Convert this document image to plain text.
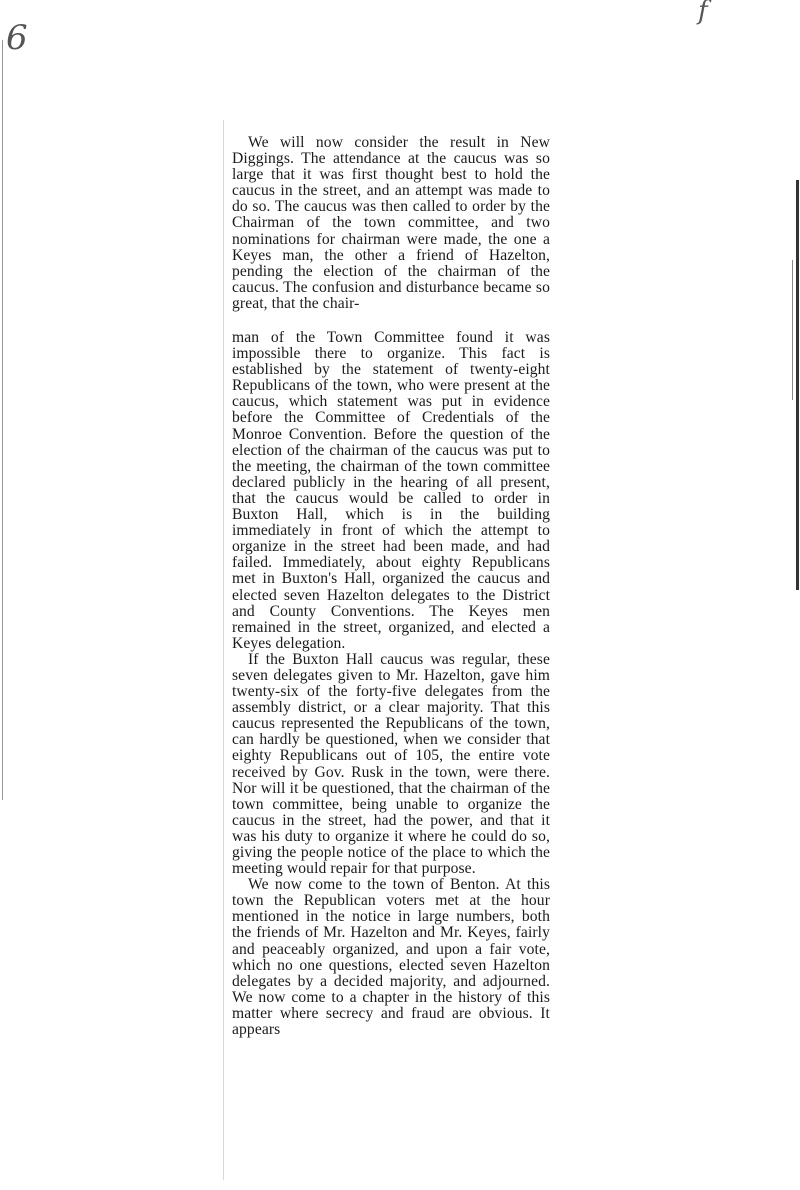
6
f

We will now consider the result in New Diggings. The attendance at the caucus was so large that it was first thought best to hold the caucus in the street, and an attempt was made to do so. The caucus was then called to order by the Chairman of the town committee, and two nominations for chairman were made, the one a Keyes man, the other a friend of Hazelton, pending the election of the chairman of the caucus. The confusion and disturbance became so great, that the chair-

man of the Town Committee found it was impossible there to organize. This fact is established by the statement of twenty-eight Republicans of the town, who were present at the caucus, which statement was put in evidence before the Committee of Credentials of the Monroe Convention. Before the question of the election of the chairman of the caucus was put to the meeting, the chairman of the town committee declared publicly in the hearing of all present, that the caucus would be called to order in Buxton Hall, which is in the building immediately in front of which the attempt to organize in the street had been made, and had failed. Immediately, about eighty Republicans met in Buxton's Hall, organized the caucus and elected seven Hazelton delegates to the District and County Conventions. The Keyes men remained in the street, organized, and elected a Keyes delegation.

If the Buxton Hall caucus was regular, these seven delegates given to Mr. Hazelton, gave him twenty-six of the forty-five delegates from the assembly district, or a clear majority. That this caucus represented the Republicans of the town, can hardly be questioned, when we consider that eighty Republicans out of 105, the entire vote received by Gov. Rusk in the town, were there. Nor will it be questioned, that the chairman of the town committee, being unable to organize the caucus in the street, had the power, and that it was his duty to organize it where he could do so, giving the people notice of the place to which the meeting would repair for that purpose.

We now come to the town of Benton. At this town the Republican voters met at the hour mentioned in the notice in large numbers, both the friends of Mr. Hazelton and Mr. Keyes, fairly and peaceably organized, and upon a fair vote, which no one questions, elected seven Hazelton delegates by a decided majority, and adjourned. We now come to a chapter in the history of this matter where secrecy and fraud are obvious. It appears
